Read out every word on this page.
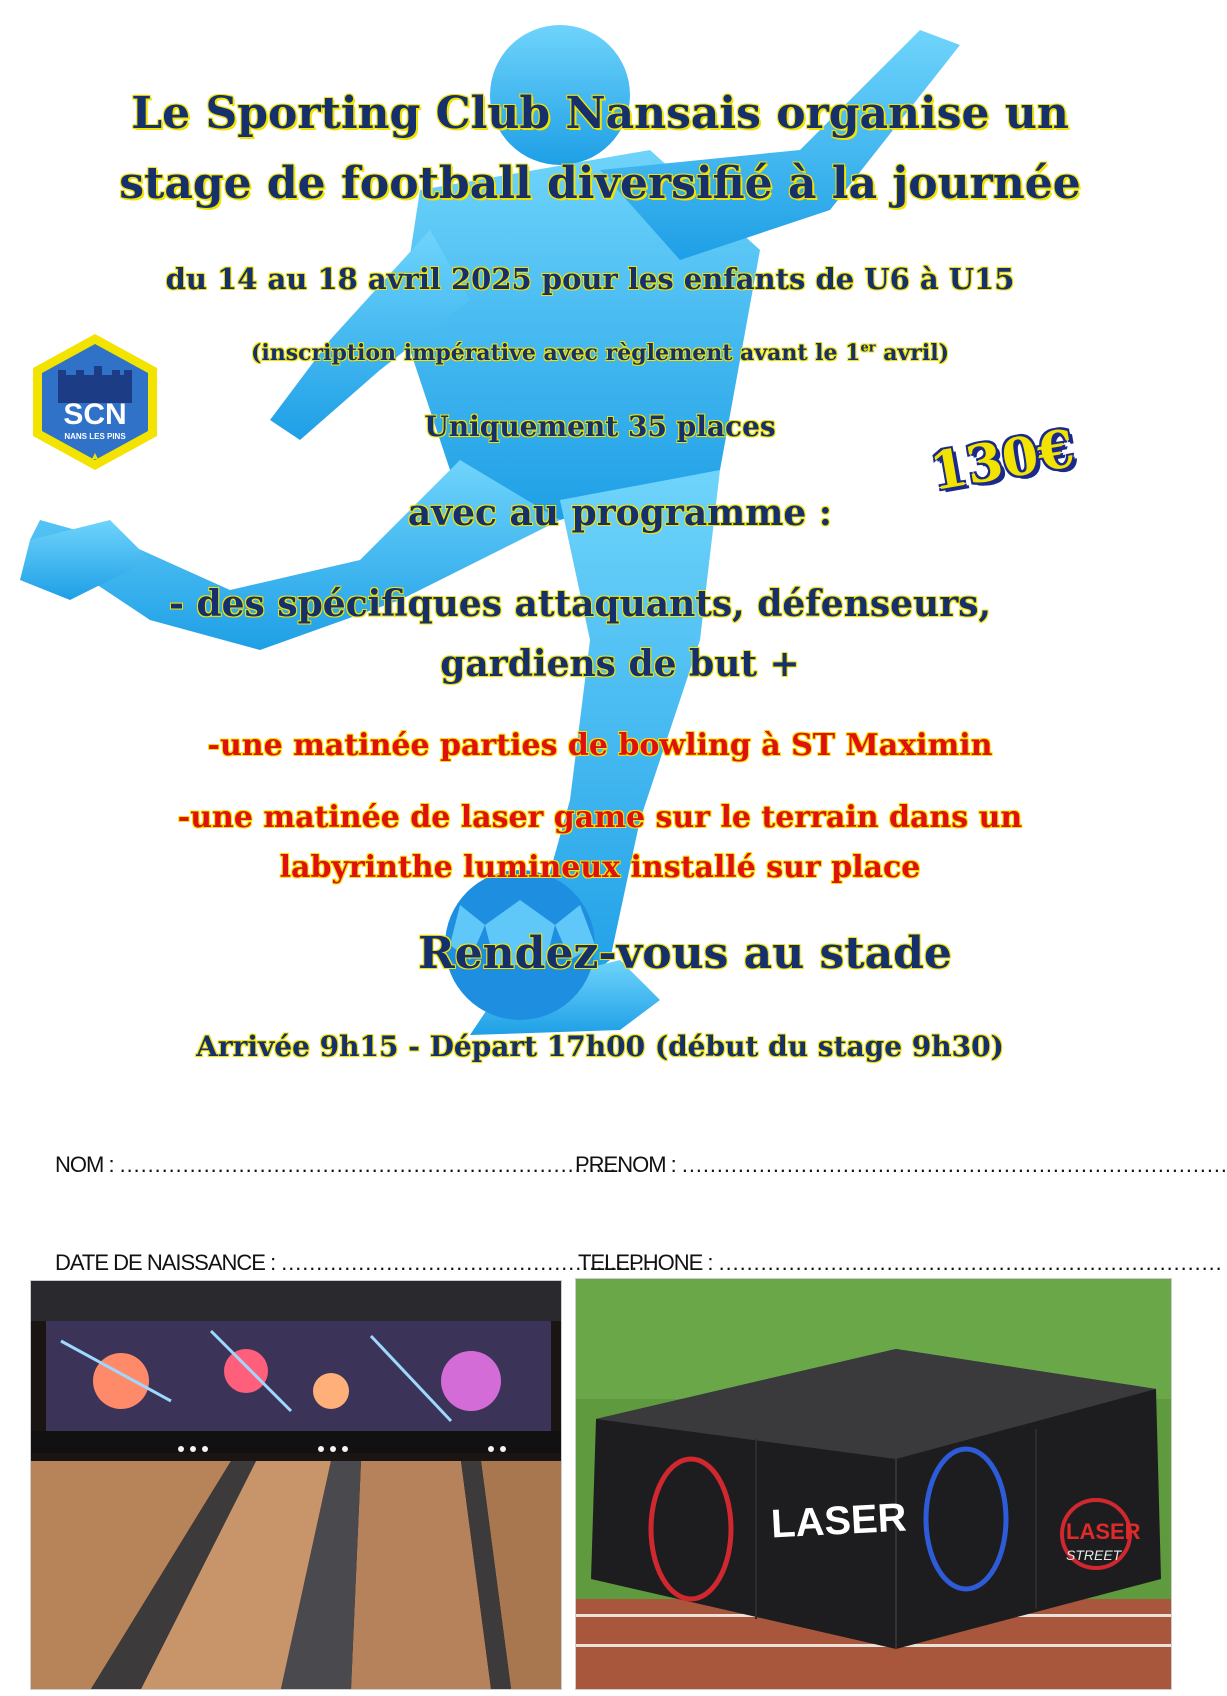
SCN
NANS LES PINS
Le Sporting Club Nansais organise un
stage de football diversifié à la journée
du 14 au 18 avril 2025 pour les enfants de U6 à U15
(inscription impérative avec règlement avant le 1er avril)
Uniquement 35 places	130€
avec au programme :
- des spécifiques attaquants, défenseurs,
gardiens de but +
-une matinée parties de bowling à ST Maximin
-une matinée de laser game sur le terrain dans un
labyrinthe lumineux installé sur place
Rendez-vous au stade
Arrivée 9h15 - Départ 17h00 (début du stage 9h30)
NOM : ………………………………………………………………
PRENOM : ……………………………………………………………………
DATE DE NAISSANCE : ………………………………………………
TELEPHONE : ………………………………………………………………
LASER	LASER
STREET
